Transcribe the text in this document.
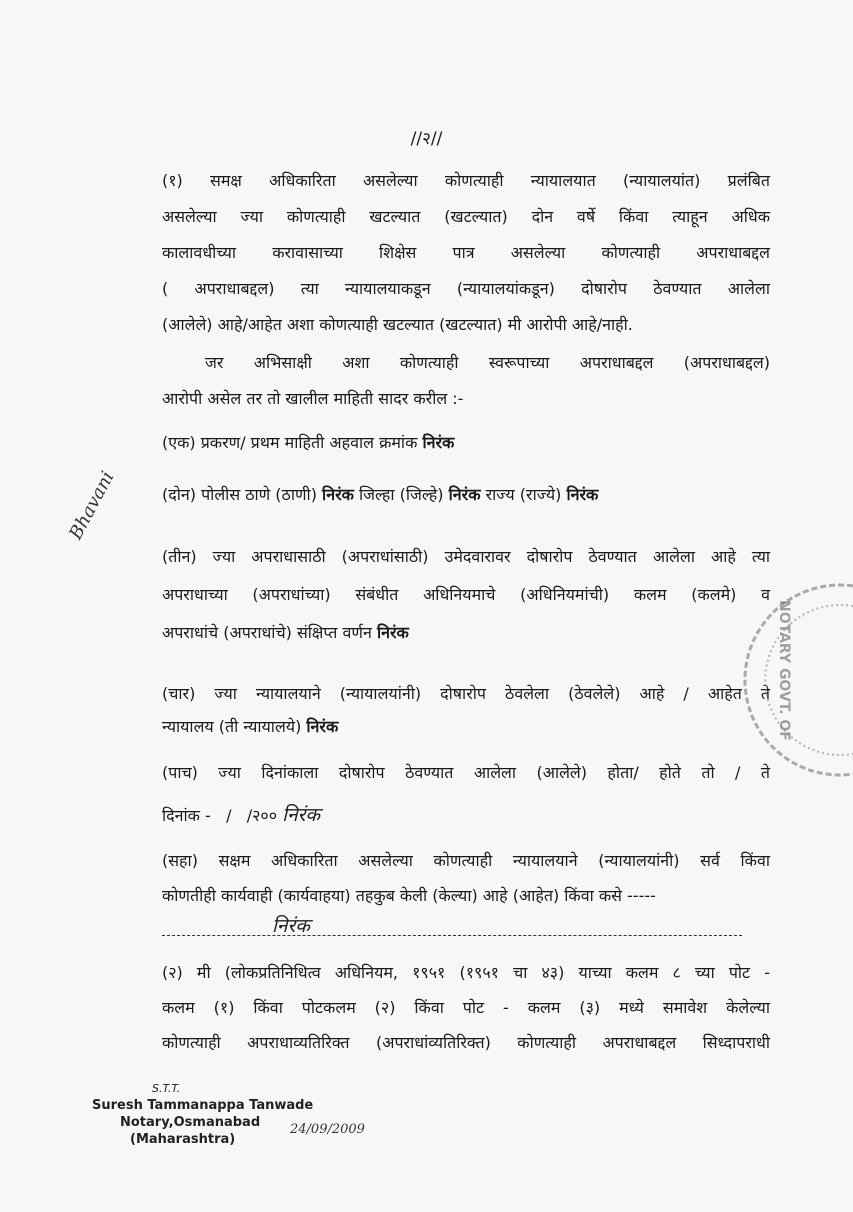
//२//
(१) समक्ष अधिकारिता असलेल्या कोणत्याही न्यायालयात (न्यायालयांत) प्रलंबित
असलेल्या ज्या कोणत्याही खटल्यात (खटल्यात) दोन वर्षे किंवा त्याहून अधिक
कालावधीच्या करावासाच्या शिक्षेस पात्र असलेल्या कोणत्याही अपराधाबद्दल
( अपराधाबद्दल) त्या न्यायालयाकडून (न्यायालयांकडून) दोषारोप ठेवण्यात आलेला
(आलेले) आहे/आहेत अशा कोणत्याही खटल्यात (खटल्यात) मी आरोपी आहे/नाही.
जर अभिसाक्षी अशा कोणत्याही स्वरूपाच्या अपराधाबद्दल (अपराधाबद्दल)
आरोपी असेल तर तो खालील माहिती सादर करील :-
(एक) प्रकरण/ प्रथम माहिती अहवाल क्रमांक निरंक
(दोन) पोलीस ठाणे (ठाणी) निरंक जिल्हा (जिल्हे) निरंक राज्य (राज्ये) निरंक
(तीन) ज्या अपराधासाठी (अपराधांसाठी) उमेदवारावर दोषारोप ठेवण्यात आलेला आहे त्या
अपराधाच्या (अपराधांच्या) संबंधीत अधिनियमाचे (अधिनियमांची) कलम (कलमे) व
अपराधांचे (अपराधांचे) संक्षिप्त वर्णन निरंक
(चार) ज्या न्यायालयाने (न्यायालयांनी) दोषारोप ठेवलेला (ठेवलेले) आहे / आहेत ते
न्यायालय (ती न्यायालये) निरंक
(पाच) ज्या दिनांकाला दोषारोप ठेवण्यात आलेला (आलेले) होता/ होते तो / ते
दिनांक -   /   /२०० निरंक
(सहा) सक्षम अधिकारिता असलेल्या कोणत्याही न्यायालयाने (न्यायालयांनी) सर्व किंवा
कोणतीही कार्यवाही (कार्यवाहया) तहकुब केली (केल्या) आहे (आहेत) किंवा कसे -----
निरंक
(२) मी (लोकप्रतिनिधित्व अधिनियम, १९५१ (१९५१ चा ४३) याच्या कलम ८ च्या पोट -
कलम (१) किंवा पोटकलम (२) किंवा पोट - कलम (३) मध्ये समावेश केलेल्या
कोणत्याही अपराधाव्यतिरिक्त (अपराधांव्यतिरिक्त) कोणत्याही अपराधाबद्दल सिध्दापराधी
Bhavani
NOTARY GOVT. OF
S.T.T.
Suresh Tammanappa Tanwade
Notary,Osmanabad
(Maharashtra)
24/09/2009
